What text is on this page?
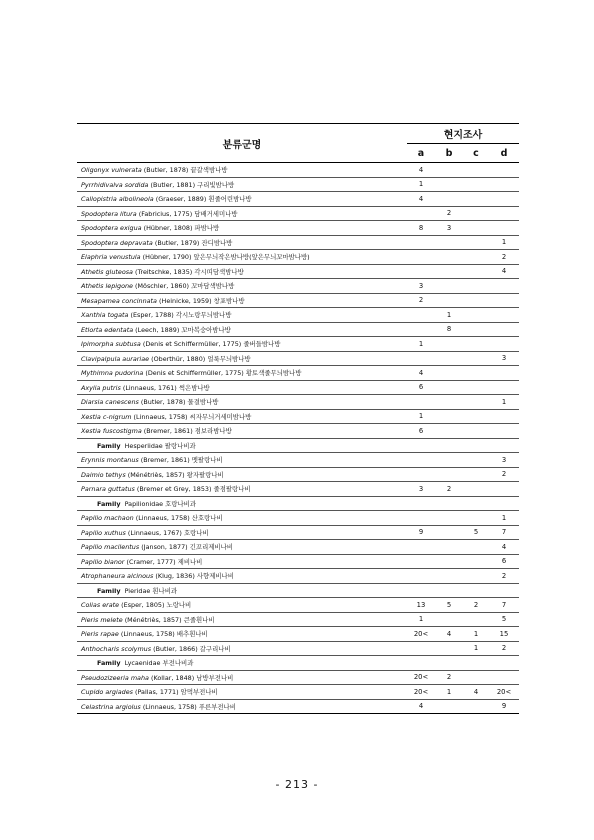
분류군명	현지조사			
	a	b	c	d
Oligonyx vulnerata (Butler, 1878) 끝갈색밤나방	4			
Pyrrhidivalva sordida (Butler, 1881) 구리빛밤나방	1			
Callopistria albolineola (Graeser, 1889) 흰줄어린밤나방	4			
Spodoptera litura (Fabricius, 1775) 담배거세미나방		2		
Spodoptera exigua (Hübner, 1808) 파밤나방	8	3		
Spodoptera depravata (Butler, 1879) 잔디밤나방				1
Elaphria venustula (Hübner, 1790) 앞은무늬작은밤나방(앞은무늬꼬마밤나방)				2
Athetis gluteosa (Treitschke, 1835) 각시띠담색밤나방				4
Athetis lepigone (Möschler, 1860) 꼬마담색밤나방	3			
Mesapamea concinnata (Heinicke, 1959) 창포밤나방	2			
Xanthia togata (Esper, 1788) 각시노랑무늬밤나방		1		
Etlorta edentata (Leech, 1889) 꼬마복숭아밤나방		8		
Ipimorpha subtusa (Denis et Schiffermüller, 1775) 줄버들밤나방	1			
Clavipalpula aurariae (Oberthür, 1880) 얼룩무늬밤나방				3
Mythimna pudorina (Denis et Schiffermüller, 1775) 황토색줄무늬밤나방	4			
Axylia putris (Linnaeus, 1761) 썩은밤나방	6			
Diarsia canescens (Butler, 1878) 물결밤나방				1
Xestia c-nigrum (Linnaeus, 1758) 씨자무늬거세미밤나방	1			
Xestia fuscostigma (Bremer, 1861) 점보라밤나방	6			
Family Hesperiidae 팔랑나비과				
Erynnis montanus (Bremer, 1861) 멧팔랑나비				3
Daimio tethys (Ménétriès, 1857) 왕자팔랑나비				2
Parnara guttatus (Bremer et Grey, 1853) 줄점팔랑나비	3	2		
Family Papilionidae 호랑나비과				
Papilio machaon (Linnaeus, 1758) 산호랑나비				1
Papilio xuthus (Linnaeus, 1767) 호랑나비	9		5	7
Papilio macilentus (Janson, 1877) 긴꼬리제비나비				4
Papilio bianor (Cramer, 1777) 제비나비				6
Atrophaneura alcinous (Klug, 1836) 사향제비나비				2
Family Pieridae 흰나비과				
Colias erate (Esper, 1805) 노랑나비	13	5	2	7
Pieris melete (Ménétriès, 1857) 큰줄흰나비	1			5
Pieris rapae (Linnaeus, 1758) 배추흰나비	20<	4	1	15
Anthocharis scolymus (Butler, 1866) 갈구리나비			1	2
Family Lycaenidae 부전나비과				
Pseudozizeeria maha (Kollar, 1848) 남방부전나비	20<	2		
Cupido argiades (Pallas, 1771) 암먹부전나비	20<	1	4	20<
Celastrina argiolus (Linnaeus, 1758) 푸른부전나비	4			9
- 213 -
